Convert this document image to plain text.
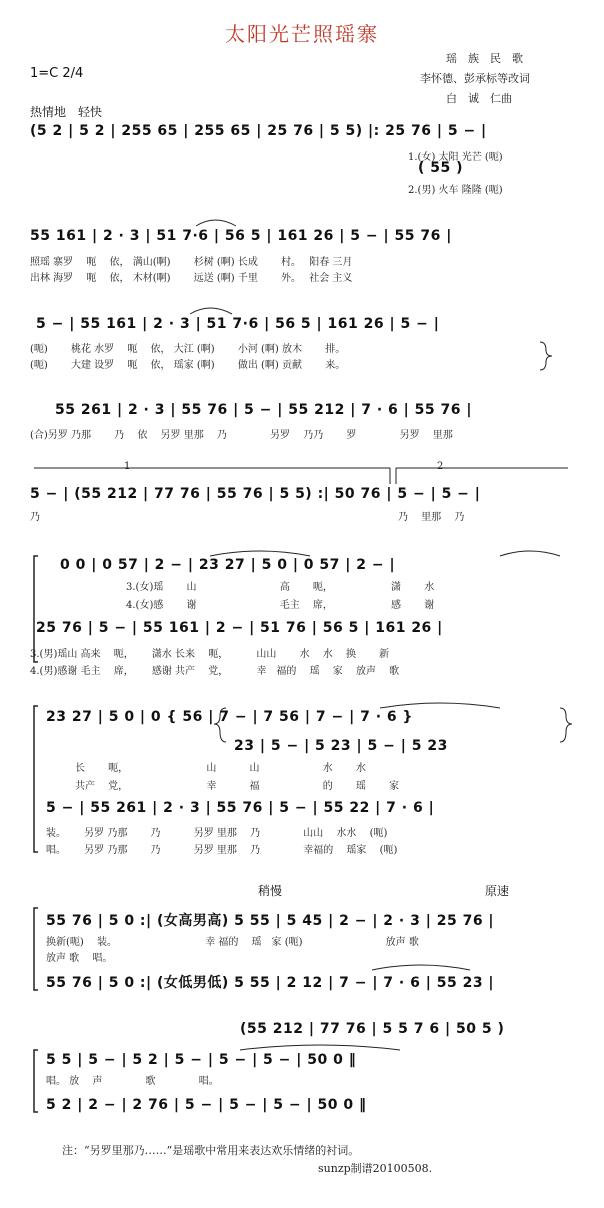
太阳光芒照瑶寨
瑶　族　民　歌
李怀德、彭承标等改词
白　诚　仁曲
1=C 2/4
热情地　轻快
(5 2 | 5 2 | 255 65 | 255 65 | 25 76 | 5 5) |: 25 76 | 5 − |
1.(女) 太阳 光芒 (呃)
( 55 )
2.(男) 火车 隆隆 (呃)
55 161 | 2 · 3 | 51 7·6 | 56 5 | 161 26 | 5 − | 55 76 |
照瑶 寨罗　 呃　 依， 满山(啊)　　 杉树 (啊) 长成　　 村。　 阳春 三月
出林 海罗　 呃　 依， 木材(啊)　　 远送 (啊) 千里　　 外。　 社会 主义
5 − | 55 161 | 2 · 3 | 51 7·6 | 56 5 | 161 26 | 5 − |
(呃)　　 桃花 水罗　 呃　 依， 大江 (啊)　　 小河 (啊) 放木　　 排。
(呃)　　 大建 设罗　 呃　 依， 瑶家 (啊)　　 做出 (啊) 贡献　　 来。
55 261 | 2 · 3 | 55 76 | 5 − | 55 212 | 7 · 6 | 55 76 |
(合)另罗 乃那　　 乃　 依　 另罗 里那　 乃　　　　 另罗　 乃乃　　 罗　　　　 另罗　 里那
1	2
5 − | (55 212 | 77 76 | 55 76 | 5 5) :| 50 76 | 5 − | 5 − |
乃	乃　 里那　 乃
0 0 | 0 57 | 2 − | 23 27 | 5 0 | 0 57 | 2 − |
3.(女)瑶　　 山　　　　　　　　 高　　 呃，　　　　　　 潇　　 水
4.(女)感　　 谢　　　　　　　　 毛主　 席，　　　　　　 感　　 谢
25 76 | 5 − | 55 161 | 2 − | 51 76 | 56 5 | 161 26 |
3.(男)瑶山 高来　 呃，　　 潇水 长来　 呃，　　　 山山　　 水　 水　 换　　 新
4.(男)感谢 毛主　 席，　　 感谢 共产　 党，　　　 幸　福的　 瑶　 家　 放声　 歌
23 27 | 5 0 | 0 { 56 | 7 − | 7 56 | 7 − | 7 · 6 }
23 | 5 − | 5 23 | 5 − | 5 23
长　　 呃，　　　　　　　　 山　　　 山　　　　　　 水　　 水
共产　 党，　　　　　　　　 幸　　　 福　　　　　　 的　　 瑶　　 家
5 − | 55 261 | 2 · 3 | 55 76 | 5 − | 55 22 | 7 · 6 |
装。　　 另罗 乃那　　 乃　　　 另罗 里那　 乃　　　　 山山　 水水　 (呃)
唱。　　 另罗 乃那　　 乃　　　 另罗 里那　 乃　　　　 幸福的　 瑶家　 (呃)
稍慢	原速
55 76 | 5 0 :| (女高男高) 5 55 | 5 45 | 2 − | 2 · 3 | 25 76 |
换新(呃)　 装。　　　　　　　　　 幸 福的　 瑶　家 (呃)　　　　　　　　 放声 歌
放声 歌　 唱。
55 76 | 5 0 :| (女低男低) 5 55 | 2 12 | 7 − | 7 · 6 | 55 23 |
(55 212 | 77 76 | 5 5 7 6 | 50 5 )
5 5 | 5 − | 5 2 | 5 − | 5 − | 5 − | 50 0 ‖
唱。 放　 声　　　　 歌　　　　 唱。
5 2 | 2 − | 2 76 | 5 − | 5 − | 5 − | 50 0 ‖
注：“另罗里那乃……”是瑶歌中常用来表达欢乐情绪的衬词。
sunzp制谱20100508.
